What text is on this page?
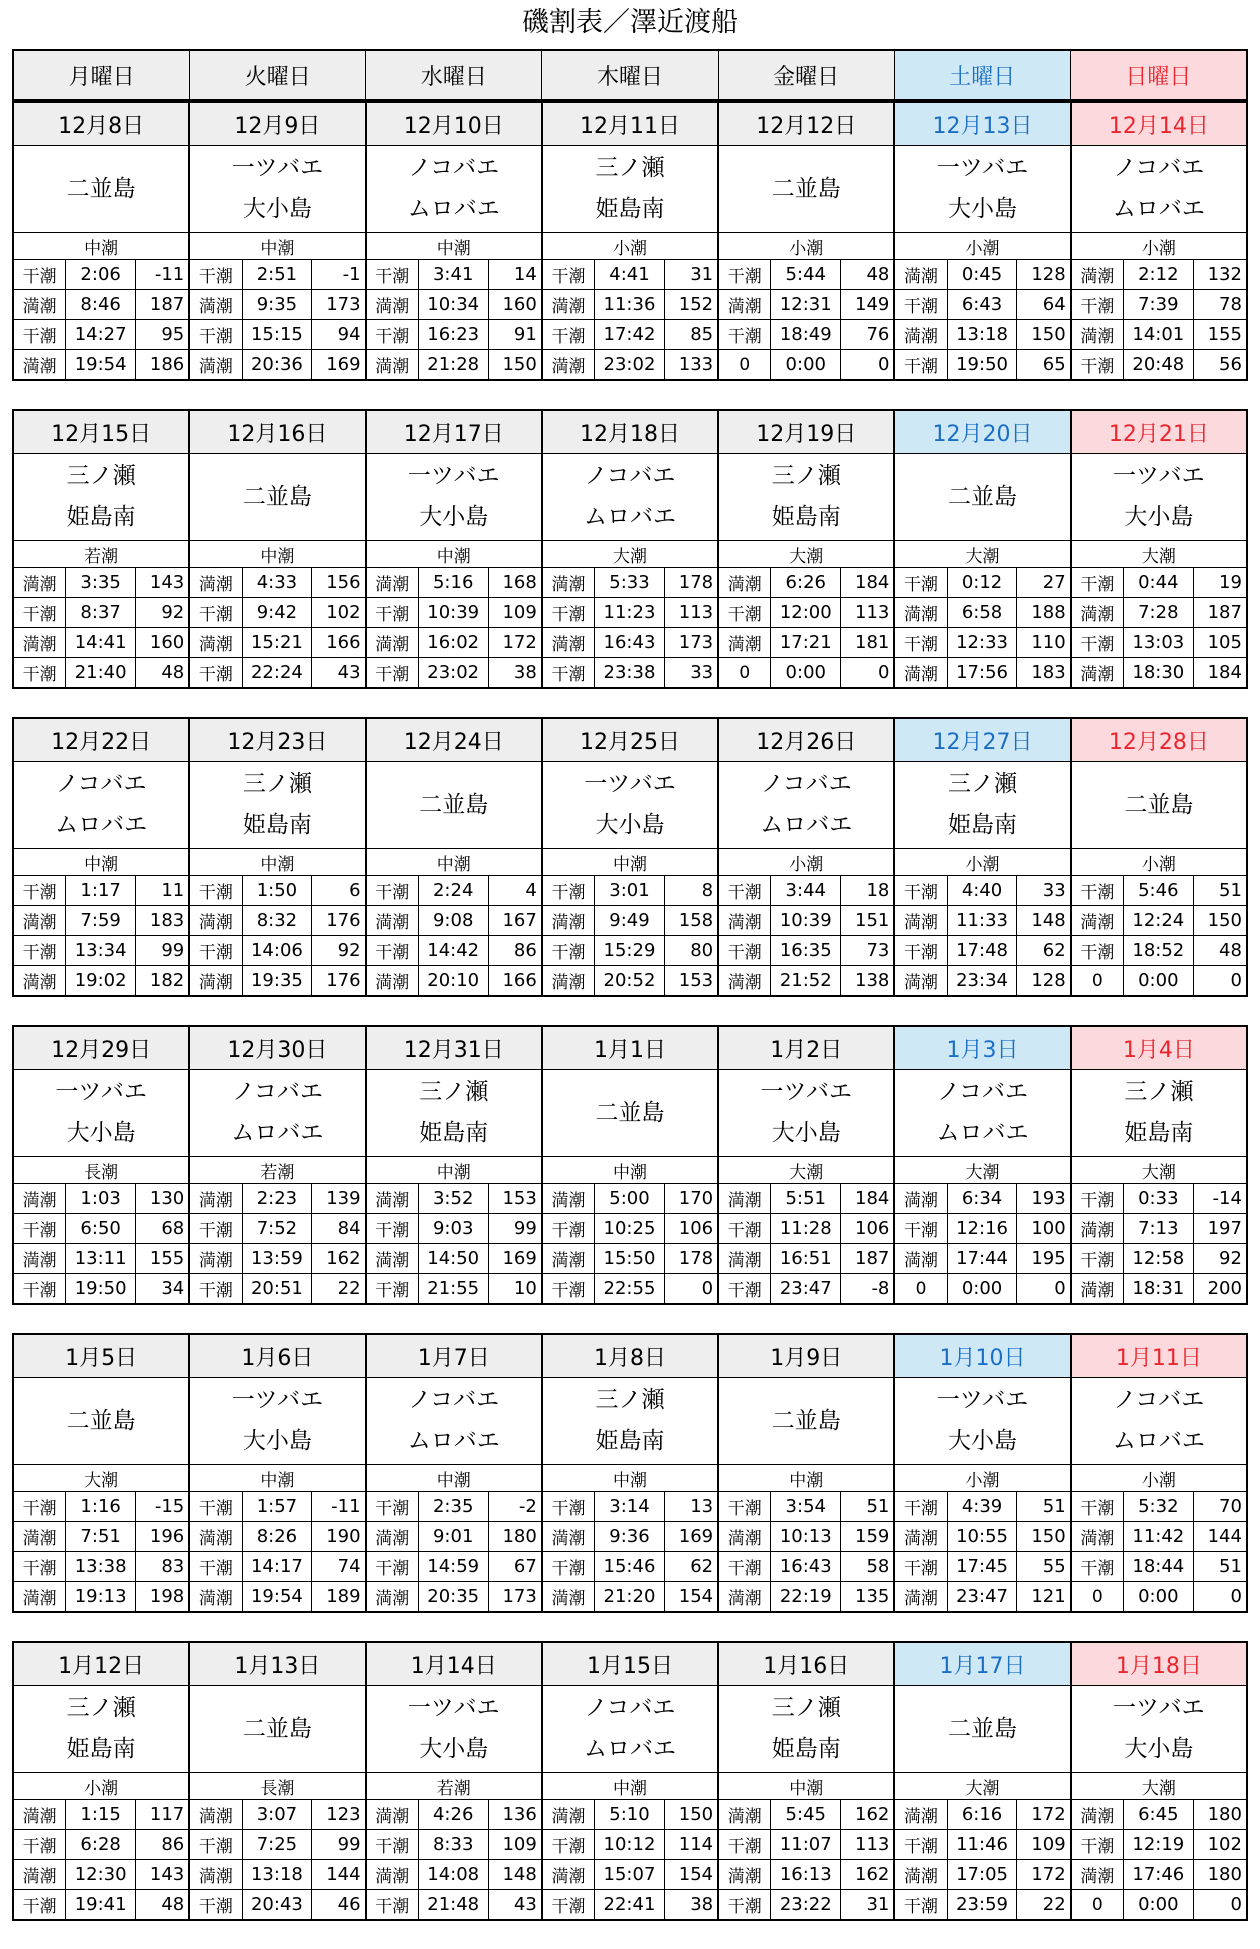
磯割表／澤近渡船
月曜日	火曜日	水曜日	木曜日	金曜日	土曜日	日曜日
12月8日
二並島
中潮
干潮	2:06	-11
満潮	8:46	187
干潮	14:27	95
満潮	19:54	186
12月9日
一ツバエ
大小島
中潮
干潮	2:51	-1
満潮	9:35	173
干潮	15:15	94
満潮	20:36	169
12月10日
ノコバエ
ムロバエ
中潮
干潮	3:41	14
満潮	10:34	160
干潮	16:23	91
満潮	21:28	150
12月11日
三ノ瀬
姫島南
小潮
干潮	4:41	31
満潮	11:36	152
干潮	17:42	85
満潮	23:02	133
12月12日
二並島
小潮
干潮	5:44	48
満潮	12:31	149
干潮	18:49	76
0	0:00	0
12月13日
一ツバエ
大小島
小潮
満潮	0:45	128
干潮	6:43	64
満潮	13:18	150
干潮	19:50	65
12月14日
ノコバエ
ムロバエ
小潮
満潮	2:12	132
干潮	7:39	78
満潮	14:01	155
干潮	20:48	56
12月15日
三ノ瀬
姫島南
若潮
満潮	3:35	143
干潮	8:37	92
満潮	14:41	160
干潮	21:40	48
12月16日
二並島
中潮
満潮	4:33	156
干潮	9:42	102
満潮	15:21	166
干潮	22:24	43
12月17日
一ツバエ
大小島
中潮
満潮	5:16	168
干潮	10:39	109
満潮	16:02	172
干潮	23:02	38
12月18日
ノコバエ
ムロバエ
大潮
満潮	5:33	178
干潮	11:23	113
満潮	16:43	173
干潮	23:38	33
12月19日
三ノ瀬
姫島南
大潮
満潮	6:26	184
干潮	12:00	113
満潮	17:21	181
0	0:00	0
12月20日
二並島
大潮
干潮	0:12	27
満潮	6:58	188
干潮	12:33	110
満潮	17:56	183
12月21日
一ツバエ
大小島
大潮
干潮	0:44	19
満潮	7:28	187
干潮	13:03	105
満潮	18:30	184
12月22日
ノコバエ
ムロバエ
中潮
干潮	1:17	11
満潮	7:59	183
干潮	13:34	99
満潮	19:02	182
12月23日
三ノ瀬
姫島南
中潮
干潮	1:50	6
満潮	8:32	176
干潮	14:06	92
満潮	19:35	176
12月24日
二並島
中潮
干潮	2:24	4
満潮	9:08	167
干潮	14:42	86
満潮	20:10	166
12月25日
一ツバエ
大小島
中潮
干潮	3:01	8
満潮	9:49	158
干潮	15:29	80
満潮	20:52	153
12月26日
ノコバエ
ムロバエ
小潮
干潮	3:44	18
満潮	10:39	151
干潮	16:35	73
満潮	21:52	138
12月27日
三ノ瀬
姫島南
小潮
干潮	4:40	33
満潮	11:33	148
干潮	17:48	62
満潮	23:34	128
12月28日
二並島
小潮
干潮	5:46	51
満潮	12:24	150
干潮	18:52	48
0	0:00	0
12月29日
一ツバエ
大小島
長潮
満潮	1:03	130
干潮	6:50	68
満潮	13:11	155
干潮	19:50	34
12月30日
ノコバエ
ムロバエ
若潮
満潮	2:23	139
干潮	7:52	84
満潮	13:59	162
干潮	20:51	22
12月31日
三ノ瀬
姫島南
中潮
満潮	3:52	153
干潮	9:03	99
満潮	14:50	169
干潮	21:55	10
1月1日
二並島
中潮
満潮	5:00	170
干潮	10:25	106
満潮	15:50	178
干潮	22:55	0
1月2日
一ツバエ
大小島
大潮
満潮	5:51	184
干潮	11:28	106
満潮	16:51	187
干潮	23:47	-8
1月3日
ノコバエ
ムロバエ
大潮
満潮	6:34	193
干潮	12:16	100
満潮	17:44	195
0	0:00	0
1月4日
三ノ瀬
姫島南
大潮
干潮	0:33	-14
満潮	7:13	197
干潮	12:58	92
満潮	18:31	200
1月5日
二並島
大潮
干潮	1:16	-15
満潮	7:51	196
干潮	13:38	83
満潮	19:13	198
1月6日
一ツバエ
大小島
中潮
干潮	1:57	-11
満潮	8:26	190
干潮	14:17	74
満潮	19:54	189
1月7日
ノコバエ
ムロバエ
中潮
干潮	2:35	-2
満潮	9:01	180
干潮	14:59	67
満潮	20:35	173
1月8日
三ノ瀬
姫島南
中潮
干潮	3:14	13
満潮	9:36	169
干潮	15:46	62
満潮	21:20	154
1月9日
二並島
中潮
干潮	3:54	51
満潮	10:13	159
干潮	16:43	58
満潮	22:19	135
1月10日
一ツバエ
大小島
小潮
干潮	4:39	51
満潮	10:55	150
干潮	17:45	55
満潮	23:47	121
1月11日
ノコバエ
ムロバエ
小潮
干潮	5:32	70
満潮	11:42	144
干潮	18:44	51
0	0:00	0
1月12日
三ノ瀬
姫島南
小潮
満潮	1:15	117
干潮	6:28	86
満潮	12:30	143
干潮	19:41	48
1月13日
二並島
長潮
満潮	3:07	123
干潮	7:25	99
満潮	13:18	144
干潮	20:43	46
1月14日
一ツバエ
大小島
若潮
満潮	4:26	136
干潮	8:33	109
満潮	14:08	148
干潮	21:48	43
1月15日
ノコバエ
ムロバエ
中潮
満潮	5:10	150
干潮	10:12	114
満潮	15:07	154
干潮	22:41	38
1月16日
三ノ瀬
姫島南
中潮
満潮	5:45	162
干潮	11:07	113
満潮	16:13	162
干潮	23:22	31
1月17日
二並島
大潮
満潮	6:16	172
干潮	11:46	109
満潮	17:05	172
干潮	23:59	22
1月18日
一ツバエ
大小島
大潮
満潮	6:45	180
干潮	12:19	102
満潮	17:46	180
0	0:00	0
